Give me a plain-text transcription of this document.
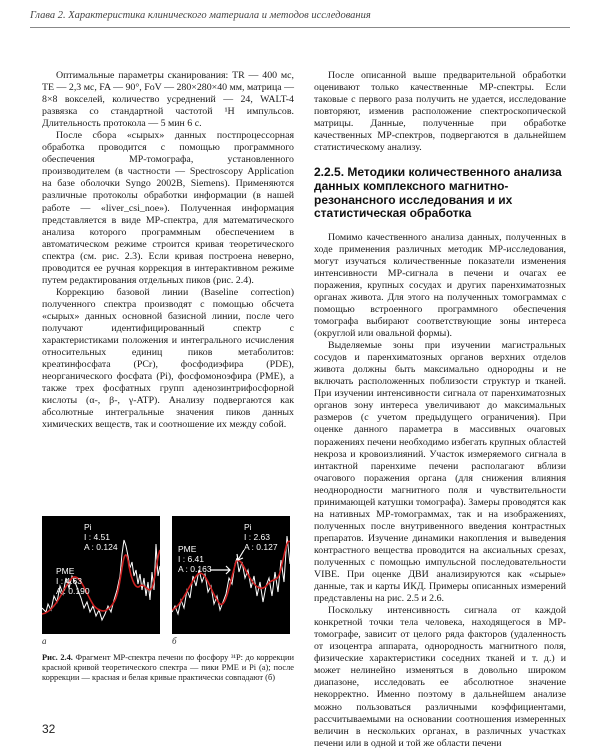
Глава 2. Характеристика клинического материала и методов исследования

Оптимальные параметры сканирования: TR — 400 мс, TE — 2,3 мс, FA — 90°, FoV — 280×280×40 мм, матрица — 8×8 вокселей, количество усреднений — 24, WALT-4 развязка со стандартной частотой ¹H импульсов. Длительность протокола — 5 мин 6 с.

После сбора «сырых» данных постпроцессорная обработка проводится с помощью программного обеспечения МР-томографа, установленного производителем (в частности — Spectroscopy Application на базе оболочки Syngo 2002B, Siemens). Применяются различные протоколы обработки информации (в нашей работе — «liver_csi_noe»). Полученная информация представляется в виде МР-спектра, для математического анализа которого программным обеспечением в автоматическом режиме строится кривая теоретического спектра (см. рис. 2.3). Если кривая построена неверно, проводится ее ручная коррекция в интерактивном режиме путем редактирования отдельных пиков (рис. 2.4).

Коррекцию базовой линии (Baseline correction) полученного спектра производят с помощью обсчета «сырых» данных основной базисной линии, после чего получают идентифицированный спектр с характеристиками положения и интегрального исчисления относительных единиц пиков метаболитов: креатинфосфата (PCr), фосфодиэфира (PDE), неорганического фосфата (Pi), фосфомоноэфира (PME), а также трех фосфатных групп аденозинтрифосфорной кислоты (α-, β-, γ-ATP). Анализу подвергаются как абсолютные интегральные значения пиков данных химических веществ, так и соотношение их между собой.

После описанной выше предварительной обработки оценивают только качественные МР-спектры. Если таковые с первого раза получить не удается, исследование повторяют, изменив расположение спектроскопической матрицы. Данные, полученные при обработке качественных МР-спектров, подвергаются в дальнейшем статистическому анализу.

2.2.5. Методики количественного анализа данных комплексного магнитно-резонансного исследования и их статистическая обработка

Помимо качественного анализа данных, полученных в ходе применения различных методик МР-исследования, могут изучаться количественные показатели изменения интенсивности МР-сигнала в печени и очагах ее поражения, крупных сосудах и других паренхиматозных органах живота. Для этого на полученных томограммах с помощью встроенного программного обеспечения томографа выбирают соответствующие зоны интереса (округлой или овальной формы).

Выделяемые зоны при изучении магистральных сосудов и паренхиматозных органов верхних отделов живота должны быть максимально однородны и не включать расположенных поблизости структур и тканей. При изучении интенсивности сигнала от паренхиматозных органов зону интереса увеличивают до максимальных размеров (с учетом предыдущего ограничения). При оценке данного параметра в массивных очаговых поражениях печени необходимо избегать крупных областей некроза и кровоизлияний. Участок измеряемого сигнала в интактной паренхиме печени располагают вблизи очагового поражения органа (для снижения влияния неоднородности магнитного поля и чувствительности принимающей катушки томографа). Замеры проводятся как на нативных МР-томограммах, так и на изображениях, полученных после внутривенного введения контрастных препаратов. Изучение динамики накопления и выведения контрастного вещества проводится на аксиальных срезах, полученных с помощью импульсной последовательности VIBE. При оценке ДВИ анализируются как «сырые» данные, так и карты ИКД. Примеры описанных измерений представлены на рис. 2.5 и 2.6.

Поскольку интенсивность сигнала от каждой конкретной точки тела человека, находящегося в МР-томографе, зависит от целого ряда факторов (удаленность от изоцентра аппарата, однородность магнитного поля, физические характеристики соседних тканей и т. д.) и может нелинейно изменяться в довольно широком диапазоне, исследовать ее абсолютное значение некорректно. Именно поэтому в дальнейшем анализе можно пользоваться различными коэффициентами, рассчитываемыми на основании соотношения измеренных величин в нескольких органах, в различных участках печени или в одной и той же области печени

Pi
I : 4.51
A : 0.124
PME
I : 4.63
A : 0.190
PME
I : 6.41
A : 0.163
Pi
I : 2.63
A : 0.127
а	б
Рис. 2.4. Фрагмент МР-спектра печени по фосфору ³¹P: до коррекции красной кривой теоретического спектра — пики PME и Pi (а); после коррекции — красная и белая кривые практически совпадают (б)
32
